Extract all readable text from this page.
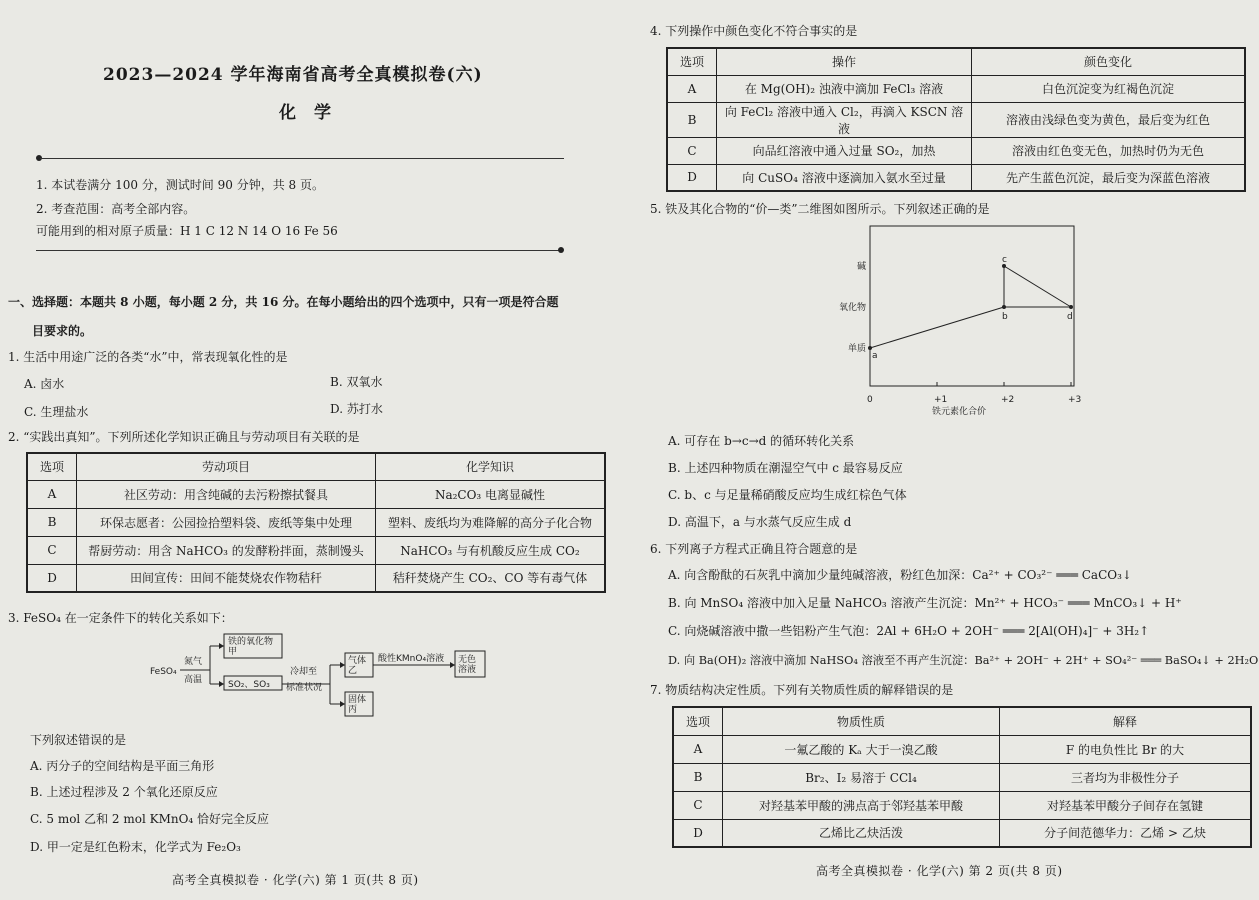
2023—2024 学年海南省高考全真模拟卷(六)
化学
1. 本试卷满分 100 分，测试时间 90 分钟，共 8 页。
2. 考查范围：高考全部内容。
可能用到的相对原子质量：H 1 C 12 N 14 O 16 Fe 56
一、选择题：本题共 8 小题，每小题 2 分，共 16 分。在每小题给出的四个选项中，只有一项是符合题
目要求的。
1. 生活中用途广泛的各类“水”中，常表现氧化性的是
A. 卤水	B. 双氧水
C. 生理盐水	D. 苏打水
2. “实践出真知”。下列所述化学知识正确且与劳动项目有关联的是
选项	劳动项目	化学知识
A	社区劳动：用含纯碱的去污粉擦拭餐具	Na₂CO₃ 电离显碱性
B	环保志愿者：公园捡拾塑料袋、废纸等集中处理	塑料、废纸均为难降解的高分子化合物
C	帮厨劳动：用含 NaHCO₃ 的发酵粉拌面，蒸制馒头	NaHCO₃ 与有机酸反应生成 CO₂
D	田间宣传：田间不能焚烧农作物秸秆	秸秆焚烧产生 CO₂、CO 等有毒气体
3. FeSO₄ 在一定条件下的转化关系如下：
FeSO₄
氮气
高温
铁的氧化物甲
SO₂、SO₃
冷却至
标准状况
气体乙
酸性KMnO₄溶液 无色溶液
固体丙
下列叙述错误的是
A. 丙分子的空间结构是平面三角形
B. 上述过程涉及 2 个氧化还原反应
C. 5 mol 乙和 2 mol KMnO₄ 恰好完全反应
D. 甲一定是红色粉末，化学式为 Fe₂O₃
高考全真模拟卷 · 化学(六) 第 1 页(共 8 页)
4. 下列操作中颜色变化不符合事实的是
选项	操作	颜色变化
A	在 Mg(OH)₂ 浊液中滴加 FeCl₃ 溶液	白色沉淀变为红褐色沉淀
B	向 FeCl₂ 溶液中通入 Cl₂，再滴入 KSCN 溶液	溶液由浅绿色变为黄色，最后变为红色
C	向品红溶液中通入过量 SO₂，加热	溶液由红色变无色，加热时仍为无色
D	向 CuSO₄ 溶液中逐滴加入氨水至过量	先产生蓝色沉淀，最后变为深蓝色溶液
5. 铁及其化合物的“价—类”二维图如图所示。下列叙述正确的是
a
b
c
d
0	+1	+2	+3
单质
氧化物
碱
铁元素化合价
A. 可存在 b→c→d 的循环转化关系
B. 上述四种物质在潮湿空气中 c 最容易反应
C. b、c 与足量稀硝酸反应均生成红棕色气体
D. 高温下，a 与水蒸气反应生成 d
6. 下列离子方程式正确且符合题意的是
A. 向含酚酞的石灰乳中滴加少量纯碱溶液，粉红色加深：Ca²⁺ + CO₃²⁻ ═══ CaCO₃↓
B. 向 MnSO₄ 溶液中加入足量 NaHCO₃ 溶液产生沉淀：Mn²⁺ + HCO₃⁻ ═══ MnCO₃↓ + H⁺
C. 向烧碱溶液中撒一些铝粉产生气泡：2Al + 6H₂O + 2OH⁻ ═══ 2[Al(OH)₄]⁻ + 3H₂↑
D. 向 Ba(OH)₂ 溶液中滴加 NaHSO₄ 溶液至不再产生沉淀：Ba²⁺ + 2OH⁻ + 2H⁺ + SO₄²⁻ ═══ BaSO₄↓ + 2H₂O
7. 物质结构决定性质。下列有关物质性质的解释错误的是
选项	物质性质	解释
A	一氟乙酸的 Kₐ 大于一溴乙酸	F 的电负性比 Br 的大
B	Br₂、I₂ 易溶于 CCl₄	三者均为非极性分子
C	对羟基苯甲酸的沸点高于邻羟基苯甲酸	对羟基苯甲酸分子间存在氢键
D	乙烯比乙炔活泼	分子间范德华力：乙烯 > 乙炔
高考全真模拟卷 · 化学(六) 第 2 页(共 8 页)
